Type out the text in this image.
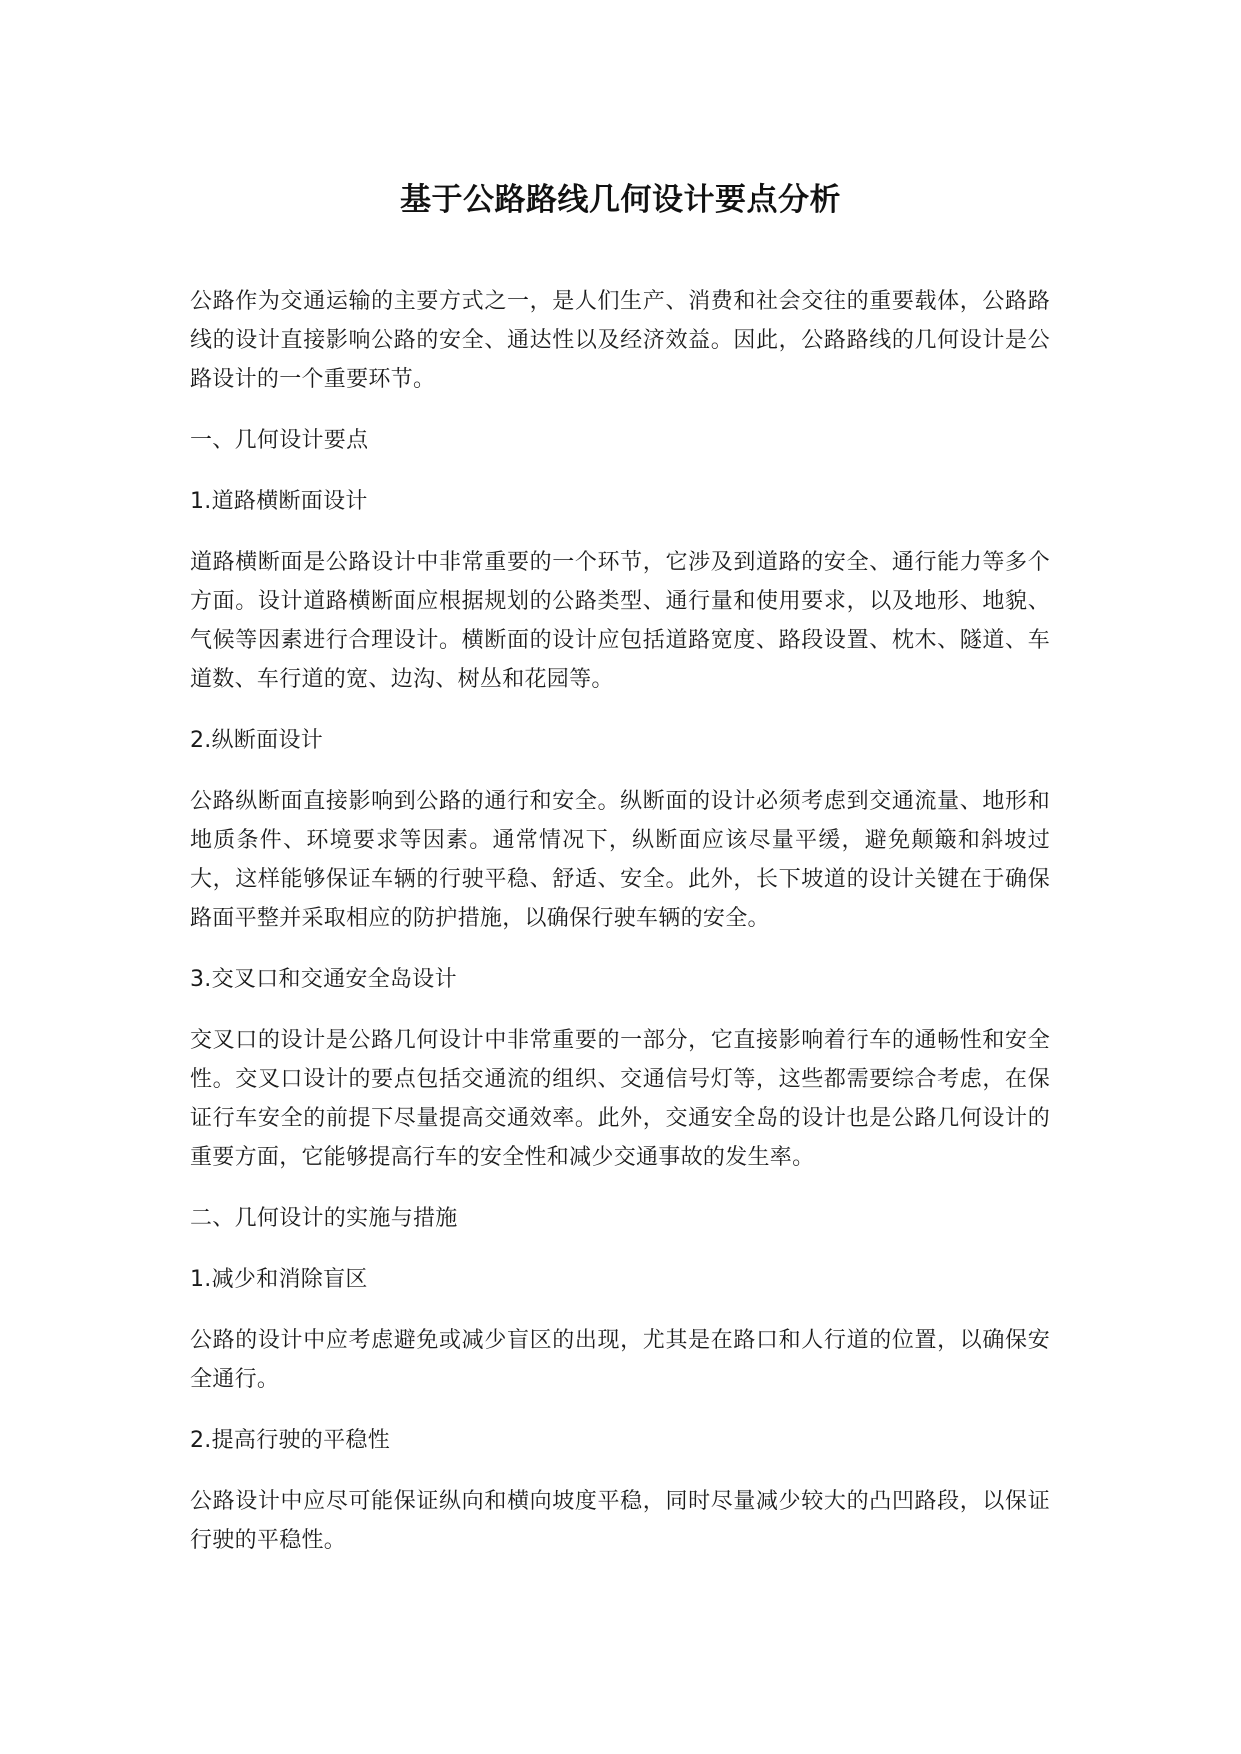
基于公路路线几何设计要点分析

公路作为交通运输的主要方式之一，是人们生产、消费和社会交往的重要载体，公路路线的设计直接影响公路的安全、通达性以及经济效益。因此，公路路线的几何设计是公路设计的一个重要环节。

一、几何设计要点

1.道路横断面设计

道路横断面是公路设计中非常重要的一个环节，它涉及到道路的安全、通行能力等多个方面。设计道路横断面应根据规划的公路类型、通行量和使用要求，以及地形、地貌、气候等因素进行合理设计。横断面的设计应包括道路宽度、路段设置、枕木、隧道、车道数、车行道的宽、边沟、树丛和花园等。

2.纵断面设计

公路纵断面直接影响到公路的通行和安全。纵断面的设计必须考虑到交通流量、地形和地质条件、环境要求等因素。通常情况下，纵断面应该尽量平缓，避免颠簸和斜坡过大，这样能够保证车辆的行驶平稳、舒适、安全。此外，长下坡道的设计关键在于确保路面平整并采取相应的防护措施，以确保行驶车辆的安全。

3.交叉口和交通安全岛设计

交叉口的设计是公路几何设计中非常重要的一部分，它直接影响着行车的通畅性和安全性。交叉口设计的要点包括交通流的组织、交通信号灯等，这些都需要综合考虑，在保证行车安全的前提下尽量提高交通效率。此外，交通安全岛的设计也是公路几何设计的重要方面，它能够提高行车的安全性和减少交通事故的发生率。

二、几何设计的实施与措施

1.减少和消除盲区

公路的设计中应考虑避免或减少盲区的出现，尤其是在路口和人行道的位置，以确保安全通行。

2.提高行驶的平稳性

公路设计中应尽可能保证纵向和横向坡度平稳，同时尽量减少较大的凸凹路段，以保证行驶的平稳性。
